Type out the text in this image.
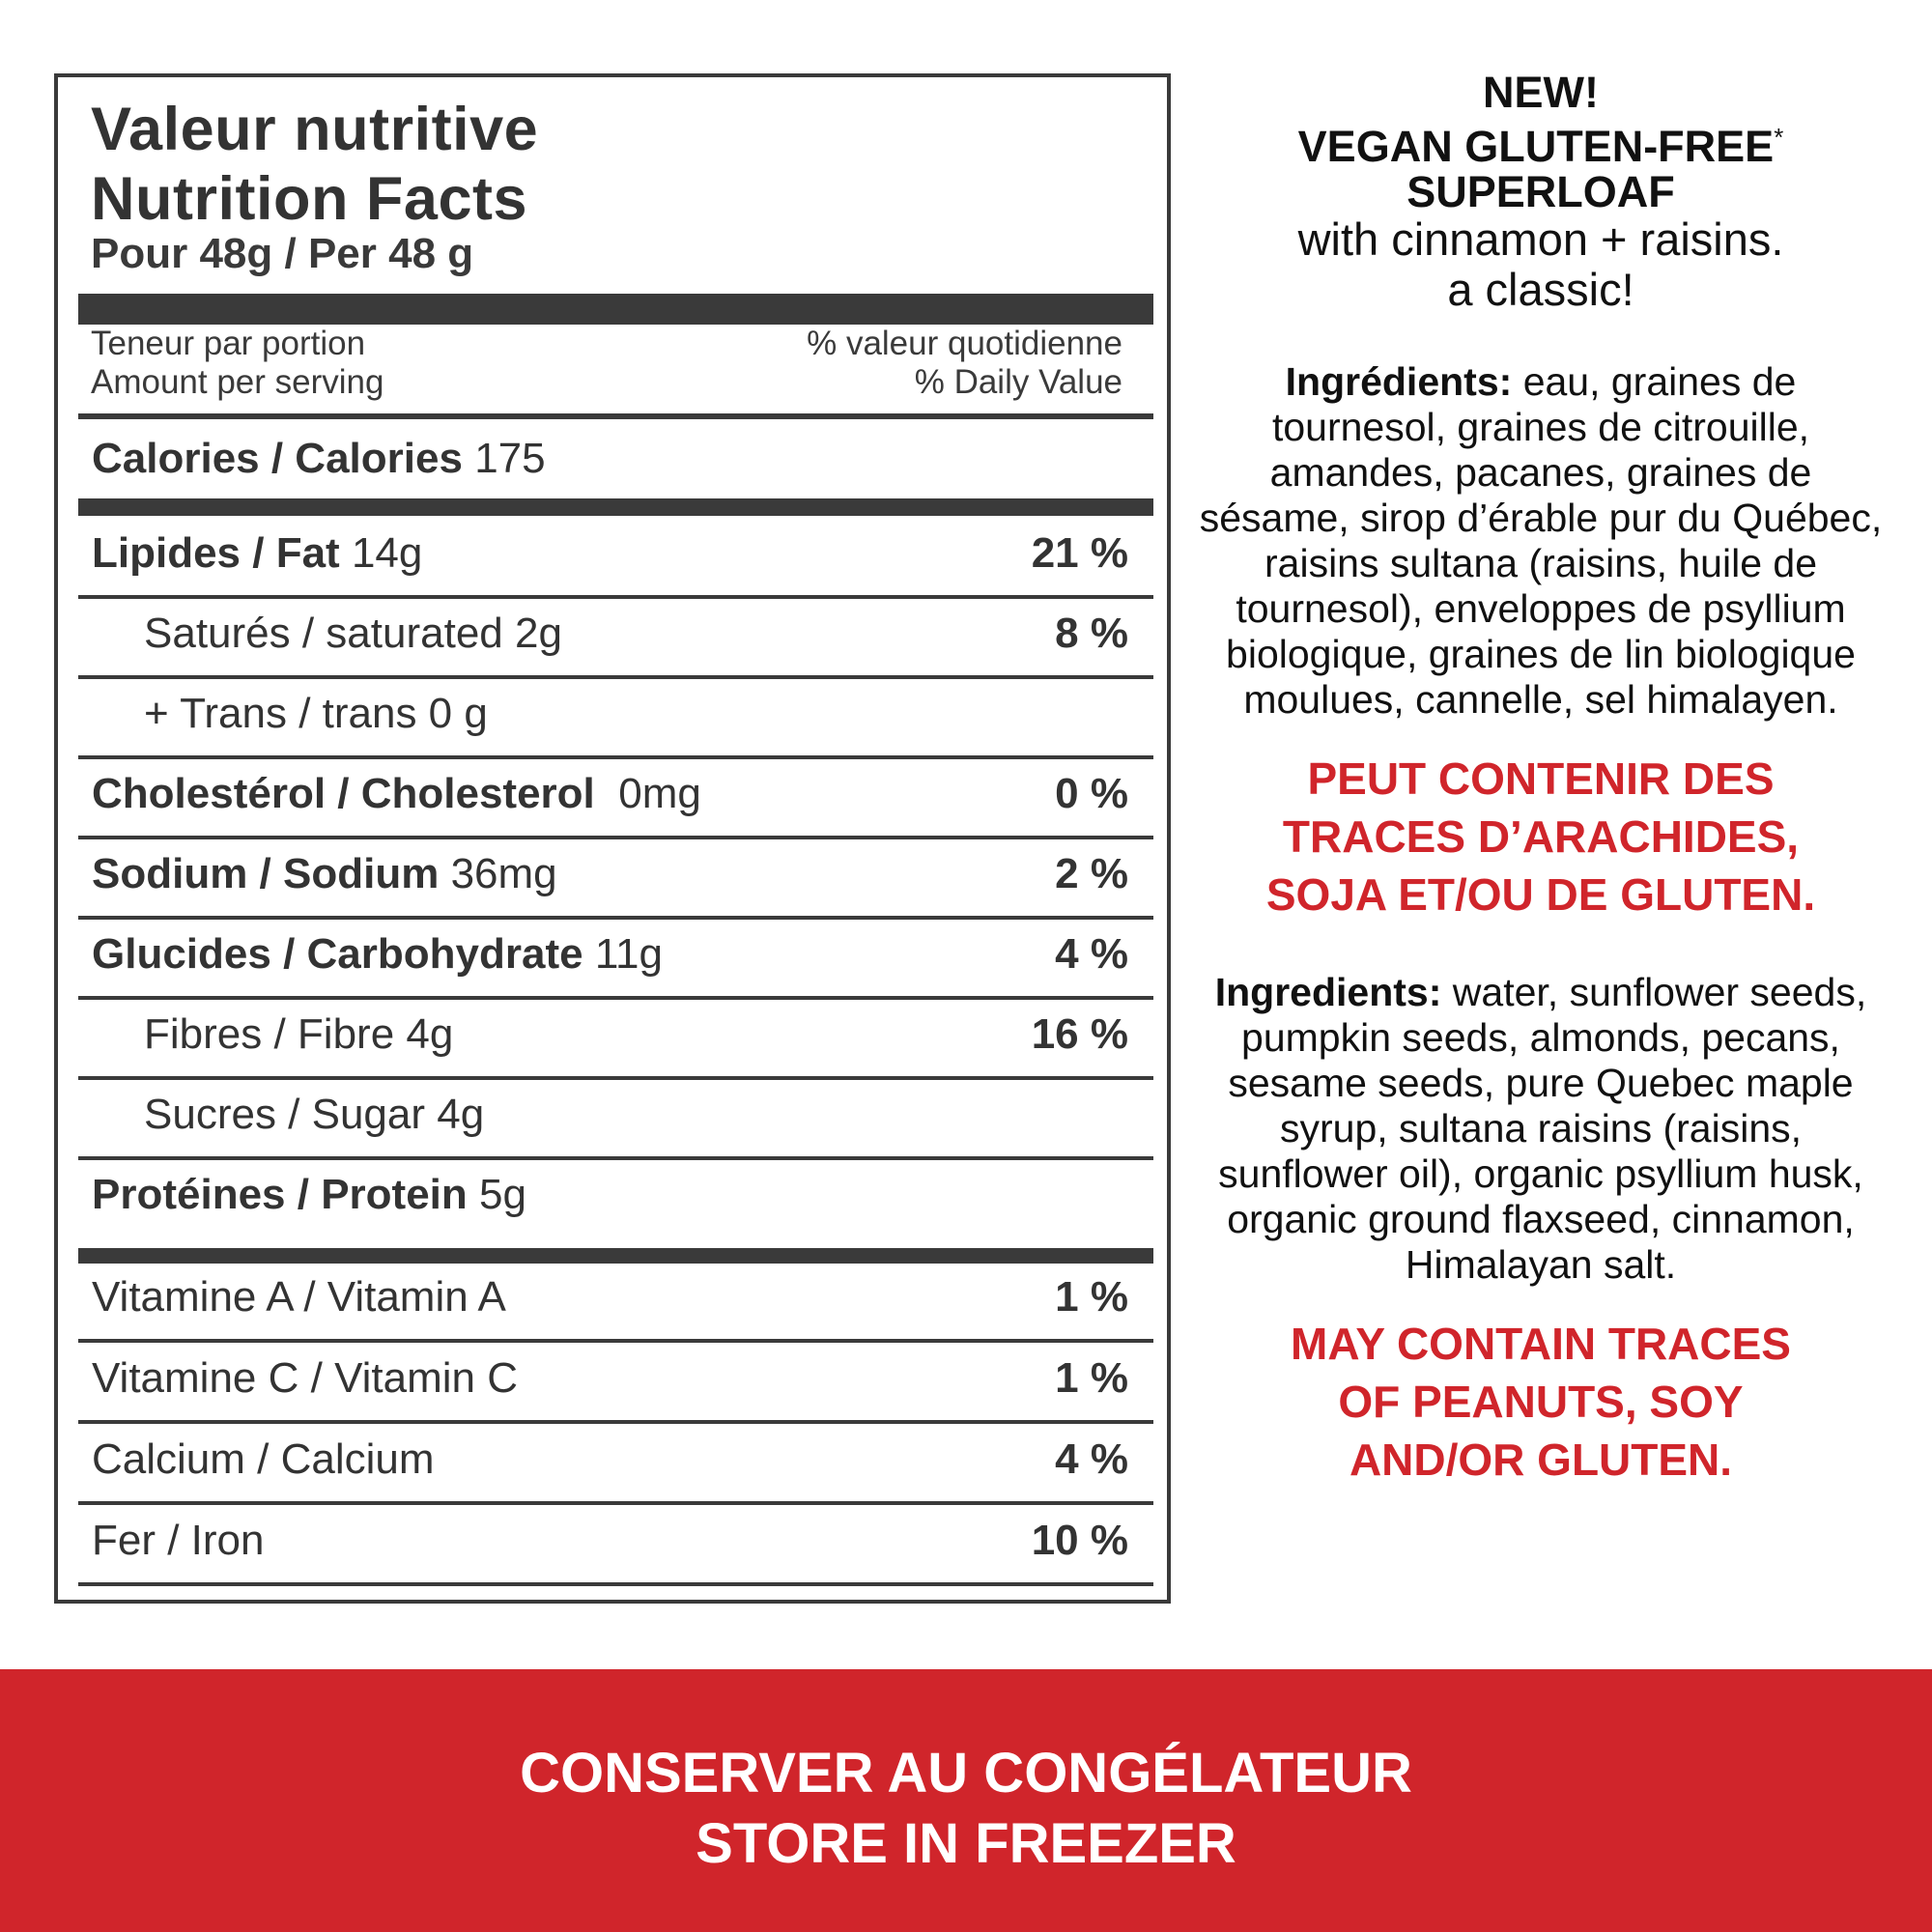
Valeur nutritive
Nutrition Facts
Pour 48g / Per 48 g
Teneur par portion
Amount per serving
% valeur quotidienne
% Daily Value
Calories / Calories 175
Lipides / Fat 14g	21 %
Saturés / saturated 2g	8 %
+ Trans / trans 0 g
Cholestérol / Cholesterol 0mg	0 %
Sodium / Sodium 36mg	2 %
Glucides / Carbohydrate 11g	4 %
Fibres / Fibre 4g	16 %
Sucres / Sugar 4g
Protéines / Protein 5g
Vitamine A / Vitamin A	1 %
Vitamine C / Vitamin C	1 %
Calcium / Calcium	4 %
Fer / Iron	10 %
NEW!
VEGAN GLUTEN-FREE*
SUPERLOAF
with cinnamon + raisins.
a classic!
Ingrédients: eau, graines de tournesol, graines de citrouille, amandes, pacanes, graines de sésame, sirop d’érable pur du Québec, raisins sultana (raisins, huile de tournesol), enveloppes de psyllium biologique, graines de lin biologique moulues, cannelle, sel himalayen.
PEUT CONTENIR DES
TRACES D’ARACHIDES,
SOJA ET/OU DE GLUTEN.
Ingredients: water, sunflower seeds, pumpkin seeds, almonds, pecans, sesame seeds, pure Quebec maple syrup, sultana raisins (raisins, sunflower oil), organic psyllium husk, organic ground flaxseed, cinnamon, Himalayan salt.
MAY CONTAIN TRACES
OF PEANUTS, SOY
AND/OR GLUTEN.
CONSERVER AU CONGÉLATEUR
STORE IN FREEZER
